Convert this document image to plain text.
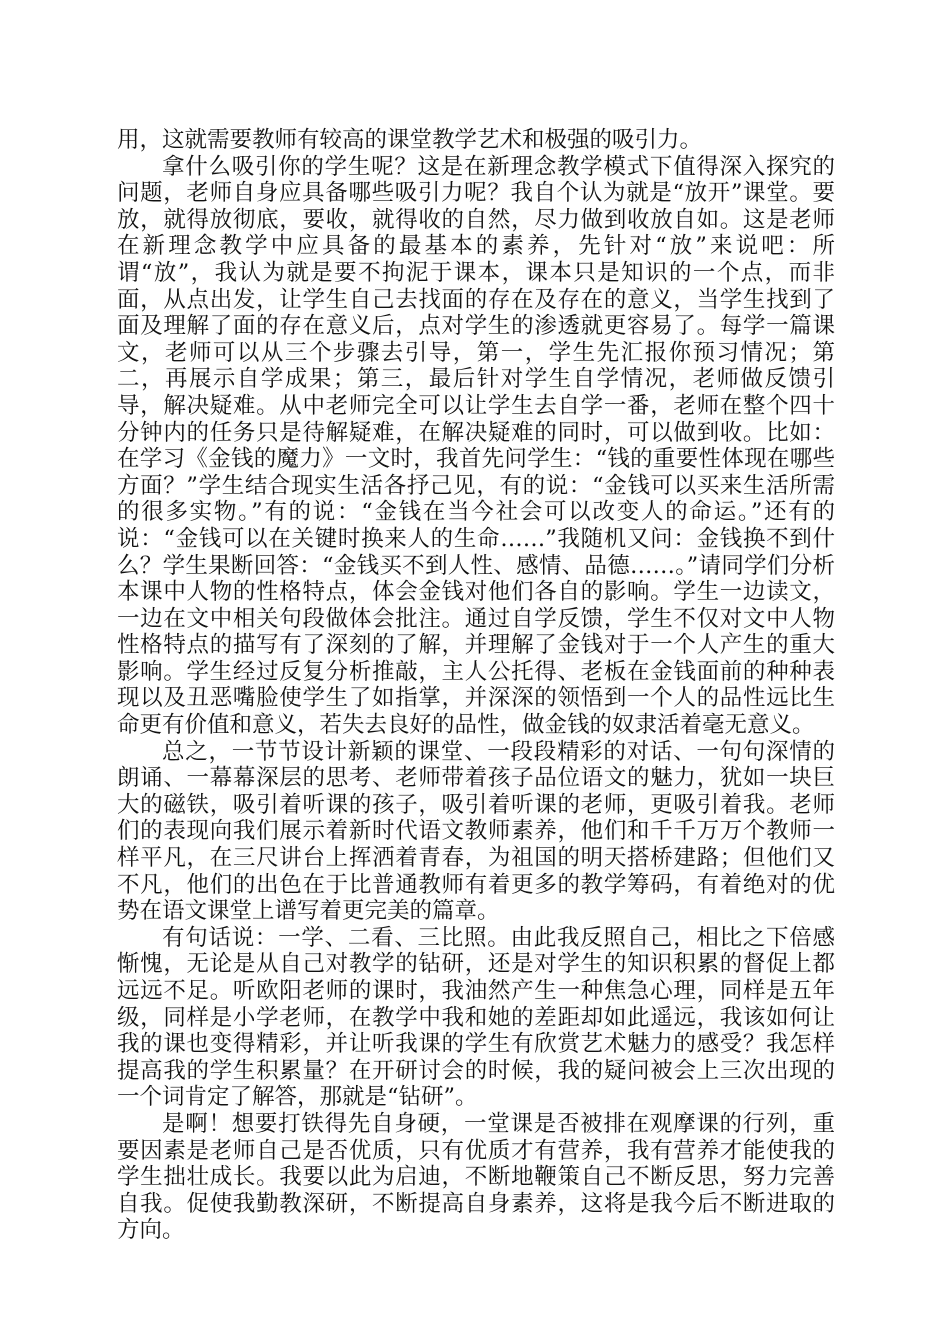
用，这就需要教师有较高的课堂教学艺术和极强的吸引力。

拿什么吸引你的学生呢？这是在新理念教学模式下值得深入探究的问题，老师自身应具备哪些吸引力呢？我自个认为就是“放开”课堂。要放，就得放彻底，要收，就得收的自然，尽力做到收放自如。这是老师在新理念教学中应具备的最基本的素养，先针对“放”来说吧：所谓“放”，我认为就是要不拘泥于课本，课本只是知识的一个点，而非面，从点出发，让学生自己去找面的存在及存在的意义，当学生找到了面及理解了面的存在意义后，点对学生的渗透就更容易了。每学一篇课文，老师可以从三个步骤去引导，第一，学生先汇报你预习情况；第二，再展示自学成果；第三，最后针对学生自学情况，老师做反馈引导，解决疑难。从中老师完全可以让学生去自学一番，老师在整个四十分钟内的任务只是待解疑难，在解决疑难的同时，可以做到收。比如：在学习《金钱的魔力》一文时，我首先问学生：“钱的重要性体现在哪些方面？”学生结合现实生活各抒己见，有的说：“金钱可以买来生活所需的很多实物。”有的说：“金钱在当今社会可以改变人的命运。”还有的说：“金钱可以在关键时换来人的生命……”我随机又问：金钱换不到什么？学生果断回答：“金钱买不到人性、感情、品德……。”请同学们分析本课中人物的性格特点，体会金钱对他们各自的影响。学生一边读文，一边在文中相关句段做体会批注。通过自学反馈，学生不仅对文中人物性格特点的描写有了深刻的了解，并理解了金钱对于一个人产生的重大影响。学生经过反复分析推敲，主人公托得、老板在金钱面前的种种表现以及丑恶嘴脸使学生了如指掌，并深深的领悟到一个人的品性远比生命更有价值和意义，若失去良好的品性，做金钱的奴隶活着毫无意义。

总之，一节节设计新颖的课堂、一段段精彩的对话、一句句深情的朗诵、一幕幕深层的思考、老师带着孩子品位语文的魅力，犹如一块巨大的磁铁，吸引着听课的孩子，吸引着听课的老师，更吸引着我。老师们的表现向我们展示着新时代语文教师素养，他们和千千万万个教师一样平凡，在三尺讲台上挥洒着青春，为祖国的明天搭桥建路；但他们又不凡，他们的出色在于比普通教师有着更多的教学筹码，有着绝对的优势在语文课堂上谱写着更完美的篇章。

有句话说：一学、二看、三比照。由此我反照自己，相比之下倍感惭愧，无论是从自己对教学的钻研，还是对学生的知识积累的督促上都远远不足。听欧阳老师的课时，我油然产生一种焦急心理，同样是五年级，同样是小学老师，在教学中我和她的差距却如此遥远，我该如何让我的课也变得精彩，并让听我课的学生有欣赏艺术魅力的感受？我怎样提高我的学生积累量？在开研讨会的时候，我的疑问被会上三次出现的一个词肯定了解答，那就是“钻研”。

是啊！想要打铁得先自身硬，一堂课是否被排在观摩课的行列，重要因素是老师自己是否优质，只有优质才有营养，我有营养才能使我的学生拙壮成长。我要以此为启迪，不断地鞭策自己不断反思，努力完善自我。促使我勤教深研，不断提高自身素养，这将是我今后不断进取的方向。
